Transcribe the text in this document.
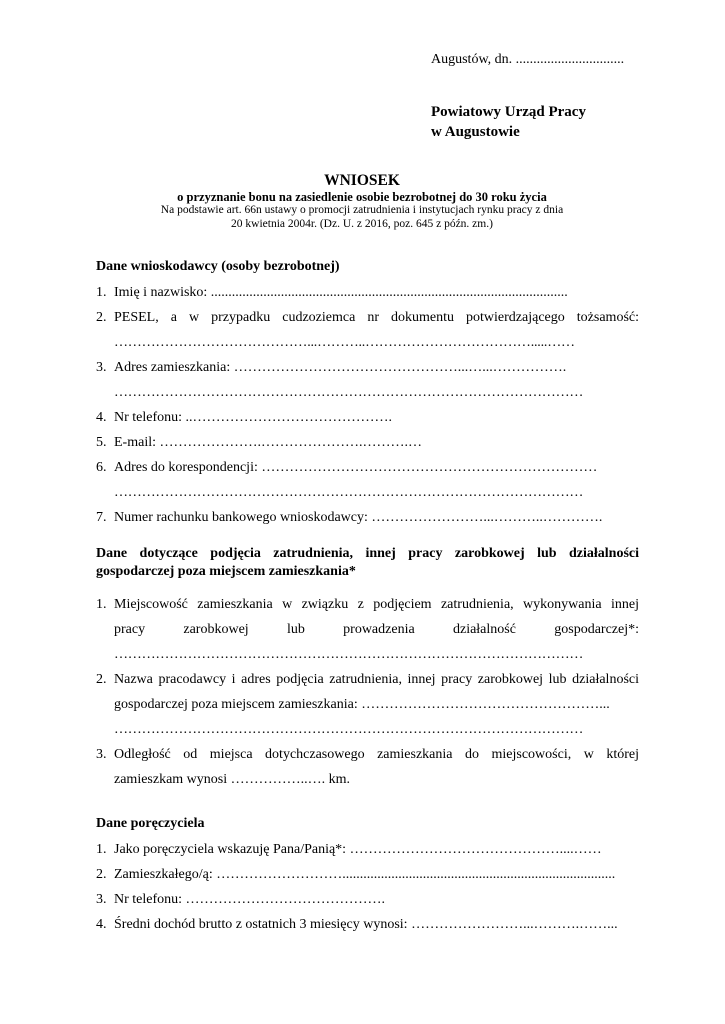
Augustów, dn. ...............................
Powiatowy Urząd Pracy
w Augustowie
WNIOSEK
o przyznanie bonu na zasiedlenie osobie bezrobotnej do 30 roku życia
Na podstawie art. 66n ustawy o promocji zatrudnienia i instytucjach rynku pracy z dnia
20 kwietnia 2004r. (Dz. U. z 2016, poz. 645 z późn. zm.)
Dane wnioskodawcy (osoby bezrobotnej)
1. Imię i nazwisko: ......................................................................................................
2. PESEL, a w przypadku cudzoziemca nr dokumentu potwierdzającego tożsamość:
……………………………………...………..……………………………….....……
3. Adres zamieszkania: …………………………………………...…...…………….
…………………………………………………………………………………………
4. Nr telefonu: ..…………………………………….
5. E-mail: ………………….………………….……….…
6. Adres do korespondencji: ………………………………………………………………
…………………………………………………………………………………………
7. Numer rachunku bankowego wnioskodawcy: ……………………...………..………….
Dane dotyczące podjęcia zatrudnienia, innej pracy zarobkowej lub działalności gospodarczej poza miejscem zamieszkania*
1. Miejscowość zamieszkania w związku z podjęciem zatrudnienia, wykonywania innej
pracy zarobkowej lub prowadzenia działalność gospodarczej*:
…………………………………………………………………………………………
2. Nazwa pracodawcy i adres podjęcia zatrudnienia, innej pracy zarobkowej lub działalności
gospodarczej poza miejscem zamieszkania: ……………………………………………...
…………………………………………………………………………………………
3. Odległość od miejsca dotychczasowego zamieszkania do miejscowości, w której
zamieszkam wynosi ……………..…. km.
Dane poręczyciela
1. Jako poręczyciela wskazuję Pana/Panią*: ………………………………………....……
2. Zamieszkałego/ą: ………………………..............................................................................
3. Nr telefonu: …………………………………….
4. Średni dochód brutto z ostatnich 3 miesięcy wynosi: ……………………...……….……...
